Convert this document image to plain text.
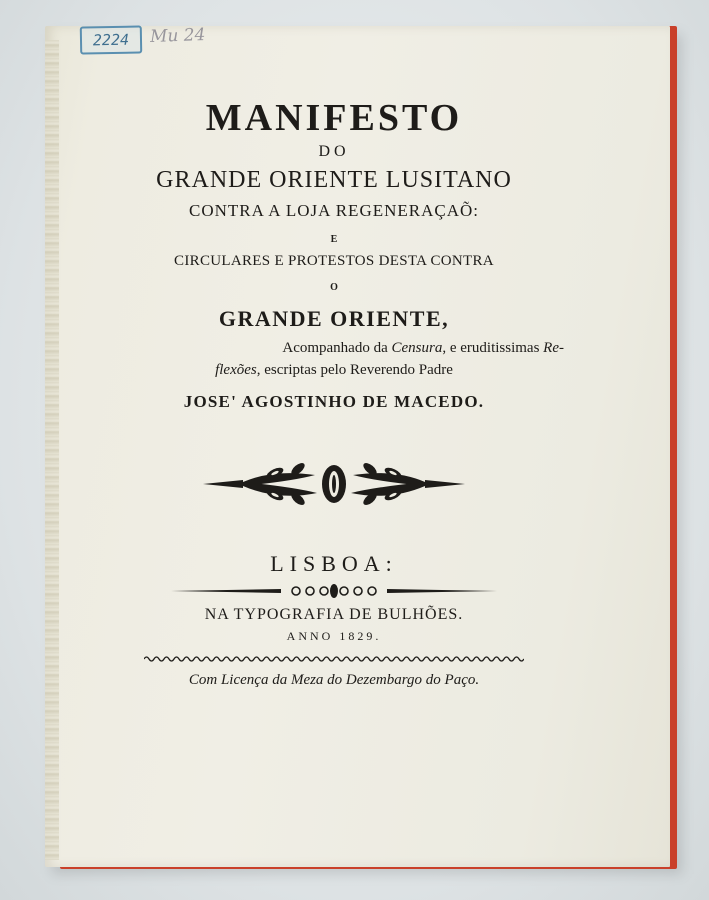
2224 Mu 24
MANIFESTO
DO
GRANDE ORIENTE LUSITANO
CONTRA A LOJA REGENERAÇAÕ:
E
CIRCULARES E PROTESTOS DESTA CONTRA
O
GRANDE ORIENTE,
Acompanhado da Censura, e eruditissimas Re-
flexões, escriptas pelo Reverendo Padre
JOSE' AGOSTINHO DE MACEDO.
LISBOA:
NA TYPOGRAFIA DE BULHÕES.
ANNO 1829.
Com Licença da Meza do Dezembargo do Paço.
